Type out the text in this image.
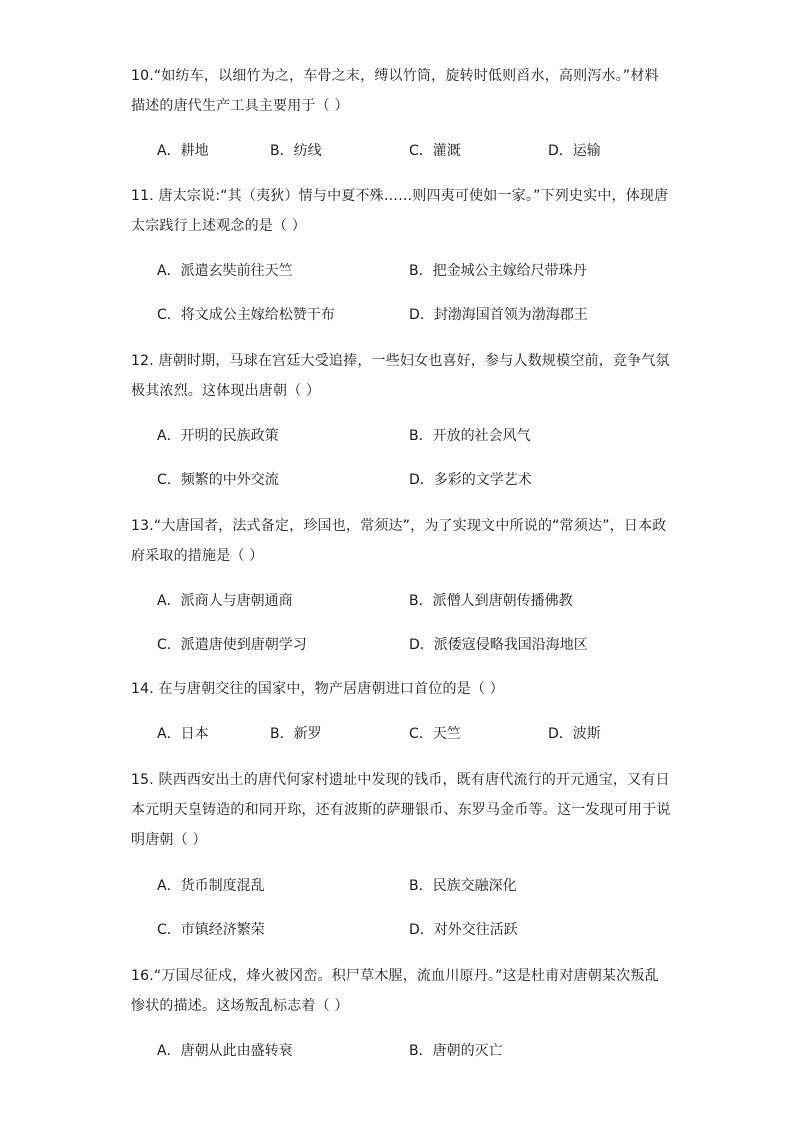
10.“如纺车，以细竹为之，车骨之末，缚以竹筒，旋转时低则舀水，高则泻水。”材料
描述的唐代生产工具主要用于（ ）
A．耕地	B．纺线	C．灌溉	D．运输
11. 唐太宗说:“其（夷狄）情与中夏不殊……则四夷可使如一家。”下列史实中，体现唐
太宗践行上述观念的是（ ）
A．派遣玄奘前往天竺	B．把金城公主嫁给尺带珠丹
C．将文成公主嫁给松赞干布	D．封渤海国首领为渤海郡王
12. 唐朝时期，马球在宫廷大受追捧，一些妇女也喜好，参与人数规模空前，竞争气氛
极其浓烈。这体现出唐朝（ ）
A．开明的民族政策	B．开放的社会风气
C．频繁的中外交流	D．多彩的文学艺术
13.“大唐国者，法式备定，珍国也，常须达”，为了实现文中所说的“常须达”，日本政
府采取的措施是（ ）
A．派商人与唐朝通商	B．派僧人到唐朝传播佛教
C．派遣唐使到唐朝学习	D．派倭寇侵略我国沿海地区
14. 在与唐朝交往的国家中，物产居唐朝进口首位的是（ ）
A．日本	B．新罗	C．天竺	D．波斯
15. 陕西西安出土的唐代何家村遗址中发现的钱币，既有唐代流行的开元通宝，又有日
本元明天皇铸造的和同开珎，还有波斯的萨珊银币、东罗马金币等。这一发现可用于说
明唐朝（ ）
A．货币制度混乱	B．民族交融深化
C．市镇经济繁荣	D．对外交往活跃
16.“万国尽征戍，烽火被冈峦。积尸草木腥，流血川原丹。”这是杜甫对唐朝某次叛乱
惨状的描述。这场叛乱标志着（ ）
A．唐朝从此由盛转衰	B．唐朝的灭亡
